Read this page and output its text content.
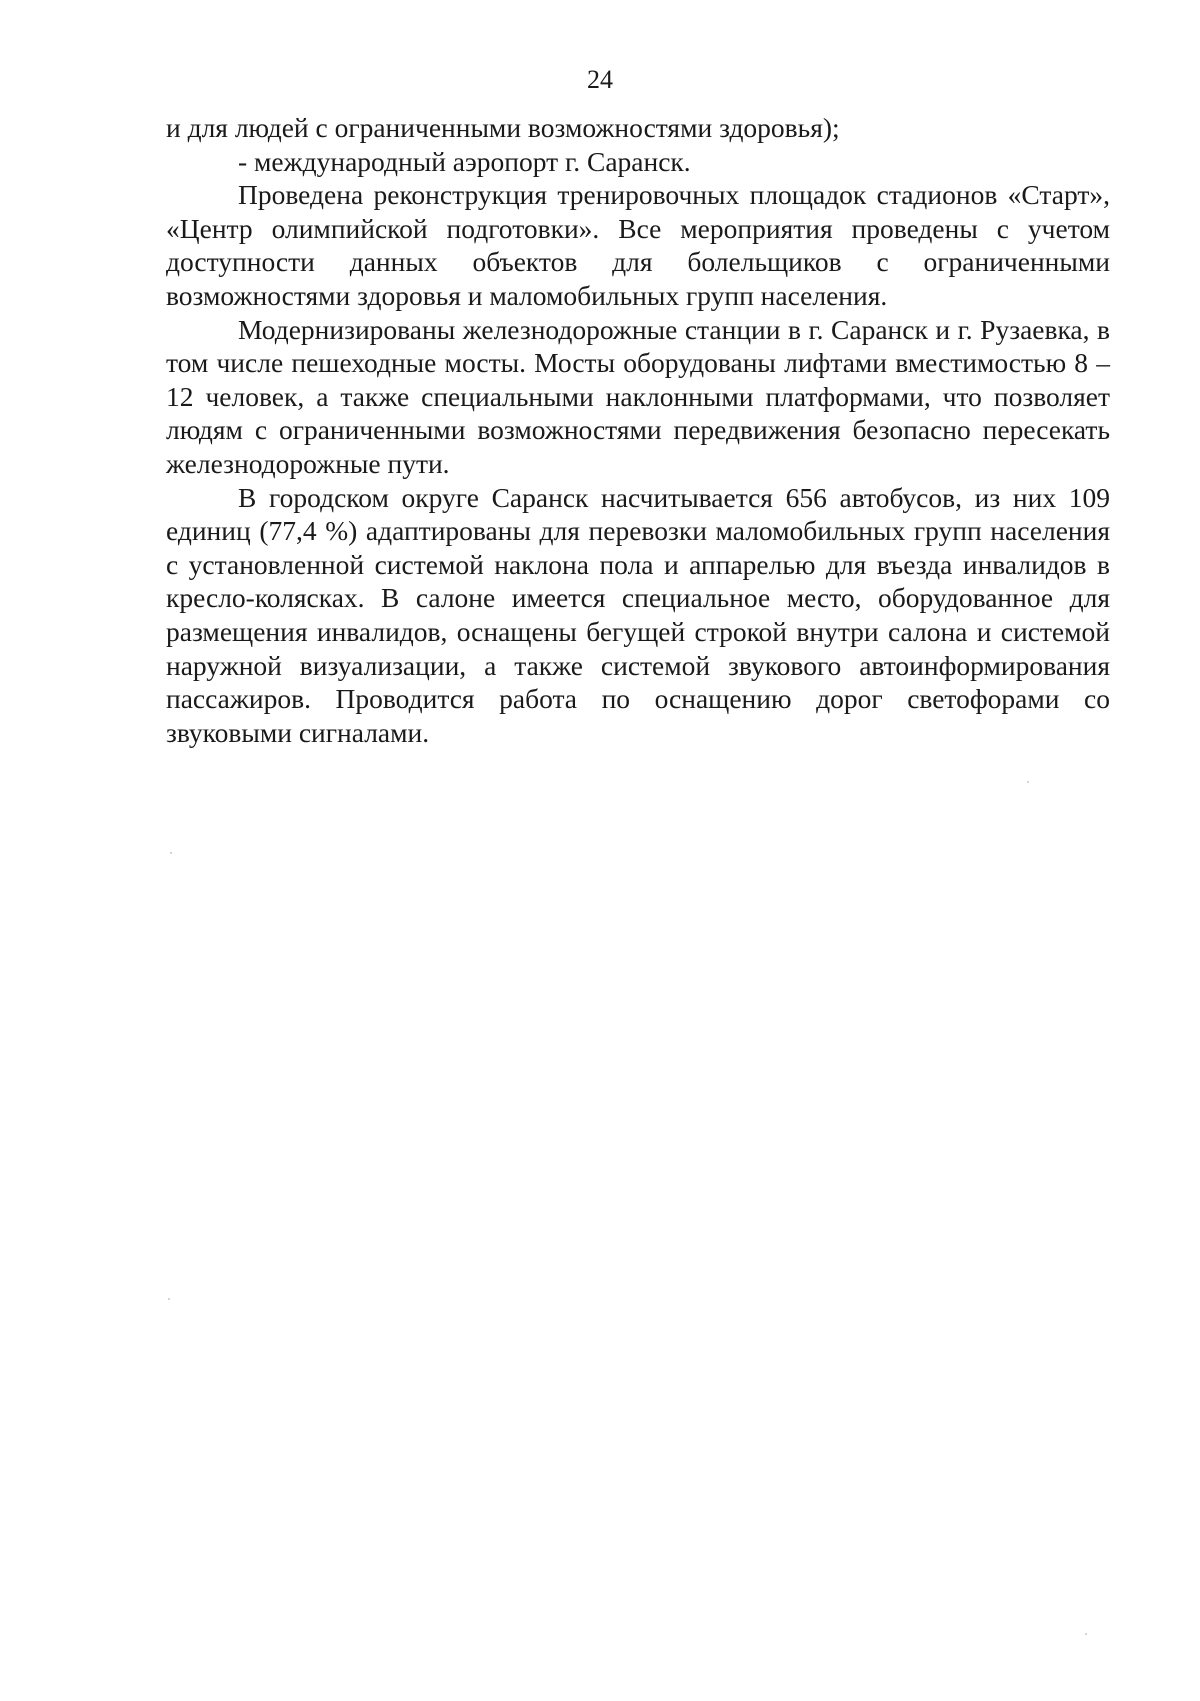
24

и для людей с ограниченными возможностями здоровья);

- международный аэропорт г. Саранск.

Проведена реконструкция тренировочных площадок стадионов «Старт», «Центр олимпийской подготовки». Все мероприятия проведены с учетом доступности данных объектов для болельщиков с ограниченными возможностями здоровья и маломобильных групп населения.

Модернизированы железнодорожные станции в г. Саранск и г. Рузаевка, в том числе пешеходные мосты. Мосты оборудованы лифтами вместимостью 8 – 12 человек, а также специальными наклонными платформами, что позволяет людям с ограниченными возможностями передвижения безопасно пересекать железнодорожные пути.

В городском округе Саранск насчитывается 656 автобусов, из них 109 единиц (77,4 %) адаптированы для перевозки маломобильных групп населения с установленной системой наклона пола и аппарелью для въезда инвалидов в кресло-колясках. В салоне имеется специальное место, оборудованное для размещения инвалидов, оснащены бегущей строкой внутри салона и системой наружной визуализации, а также системой звукового автоинформирования пассажиров. Проводится работа по оснащению дорог светофорами со звуковыми сигналами.
